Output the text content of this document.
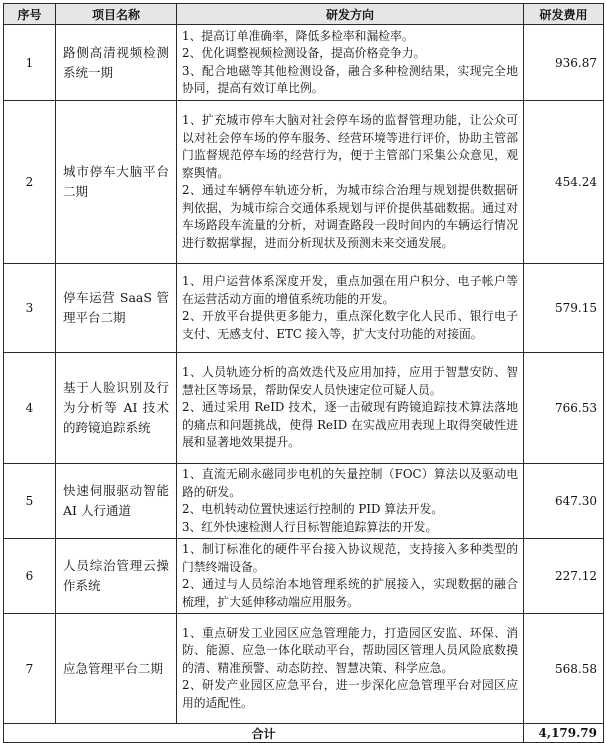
序号	项目名称	研发方向	研发费用
1	路侧高清视频检测系统一期	1、提高订单准确率，降低多检率和漏检率。

2、优化调整视频检测设备，提高价格竞争力。

3、配合地磁等其他检测设备，融合多种检测结果，实现完全地协同，提高有效订单比例。	936.87
2	城市停车大脑平台二期	1、扩充城市停车大脑对社会停车场的监督管理功能，让公众可以对社会停车场的停车服务、经营环境等进行评价，协助主管部门监督规范停车场的经营行为，便于主管部门采集公众意见，观察舆情。

2、通过车辆停车轨迹分析，为城市综合治理与规划提供数据研判依据，为城市综合交通体系规划与评价提供基础数据。通过对车场路段车流量的分析，对调查路段一段时间内的车辆运行情况进行数据掌握，进而分析现状及预测未来交通发展。	454.24
3	停车运营 SaaS 管理平台二期	1、用户运营体系深度开发，重点加强在用户积分、电子帐户等在运营活动方面的增值系统功能的开发。

2、开放平台提供更多能力，重点深化数字化人民币、银行电子支付、无感支付、ETC 接入等，扩大支付功能的对接面。	579.15
4	基于人脸识别及行为分析等 AI 技术的跨镜追踪系统	1、人员轨迹分析的高效迭代及应用加持，应用于智慧安防、智慧社区等场景，帮助保安人员快速定位可疑人员。

2、通过采用 ReID 技术，逐一击破现有跨镜追踪技术算法落地的痛点和问题挑战，使得 ReID 在实战应用表现上取得突破性进展和显著地效果提升。	766.53
5	快速伺服驱动智能 AI 人行通道	1、直流无刷永磁同步电机的矢量控制（FOC）算法以及驱动电路的研发。

2、电机转动位置快速运行控制的 PID 算法开发。

3、红外快速检测人行目标智能追踪算法的开发。	647.30
6	人员综治管理云操作系统	1、制订标准化的硬件平台接入协议规范，支持接入多种类型的门禁终端设备。

2、通过与人员综治本地管理系统的扩展接入，实现数据的融合梳理，扩大延伸移动端应用服务。	227.12
7	应急管理平台二期	1、重点研发工业园区应急管理能力，打造园区安监、环保、消防、能源、应急一体化联动平台，帮助园区管理人员风险底数摸的清、精准预警、动态防控、智慧决策、科学应急。

2、研发产业园区应急平台，进一步深化应急管理平台对园区应用的适配性。	568.58
合计			4,179.79
